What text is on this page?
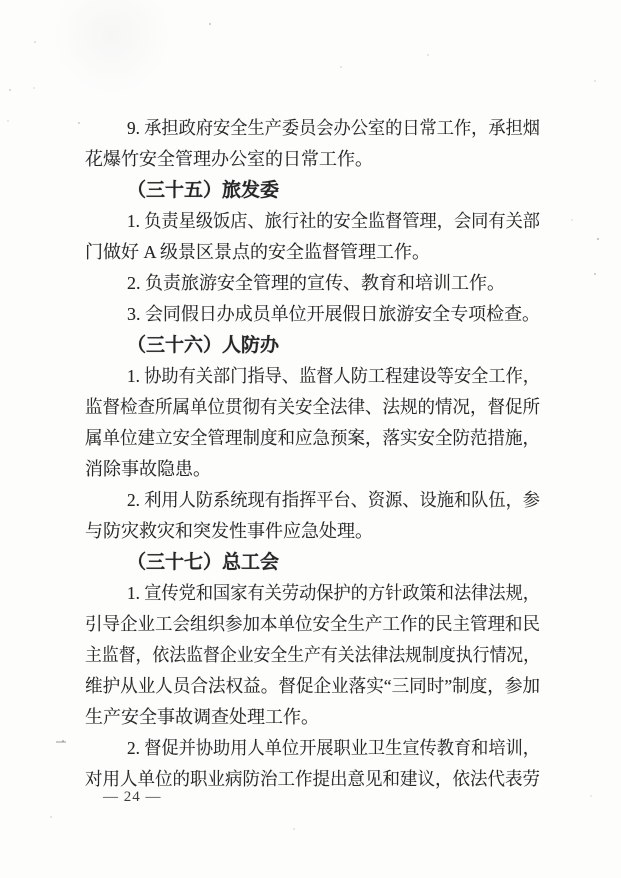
9. 承担政府安全生产委员会办公室的日常工作，承担烟
花爆竹安全管理办公室的日常工作。
（三十五）旅发委
1. 负责星级饭店、旅行社的安全监督管理，会同有关部
门做好 A 级景区景点的安全监督管理工作。
2. 负责旅游安全管理的宣传、教育和培训工作。
3. 会同假日办成员单位开展假日旅游安全专项检查。
（三十六）人防办
1. 协助有关部门指导、监督人防工程建设等安全工作，
监督检查所属单位贯彻有关安全法律、法规的情况，督促所
属单位建立安全管理制度和应急预案，落实安全防范措施，
消除事故隐患。
2. 利用人防系统现有指挥平台、资源、设施和队伍，参
与防灾救灾和突发性事件应急处理。
（三十七）总工会
1. 宣传党和国家有关劳动保护的方针政策和法律法规，
引导企业工会组织参加本单位安全生产工作的民主管理和民
主监督，依法监督企业安全生产有关法律法规制度执行情况，
维护从业人员合法权益。督促企业落实“三同时”制度，参加
生产安全事故调查处理工作。
2. 督促并协助用人单位开展职业卫生宣传教育和培训，
对用人单位的职业病防治工作提出意见和建议，依法代表劳
— 24 —
